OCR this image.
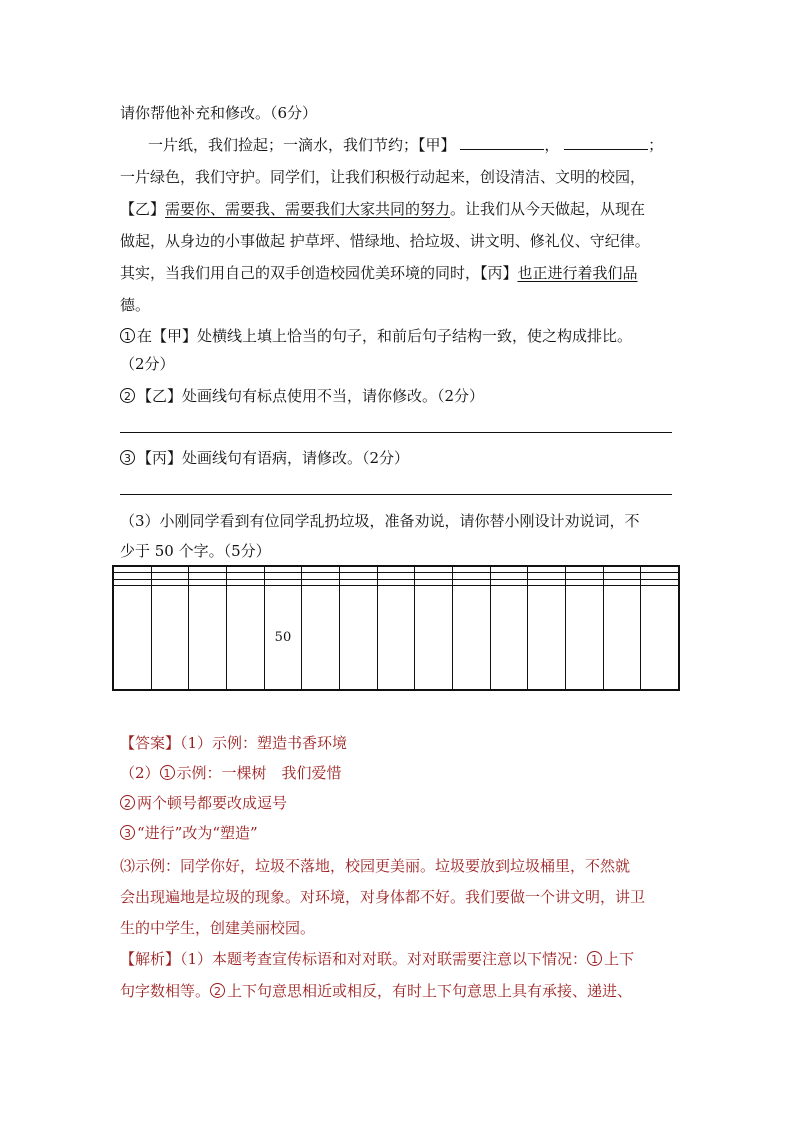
请你帮他补充和修改。（6分）
一片纸，我们捡起；一滴水，我们节约；【甲】	，	；
一片绿色，我们守护。同学们，让我们积极行动起来，创设清洁、文明的校园，
【乙】需要你、需要我、需要我们大家共同的努力。让我们从今天做起，从现在
做起，从身边的小事做起 护草坪、惜绿地、拾垃圾、讲文明、修礼仪、守纪律。
其实，当我们用自己的双手创造校园优美环境的同时，【丙】也正进行着我们品
德。
1 在【甲】处横线上填上恰当的句子，和前后句子结构一致，使之构成排比。
（2分）
2 【乙】处画线句有标点使用不当，请你修改。（2分）
3 【丙】处画线句有语病，请修改。（2分）
（3）小刚同学看到有位同学乱扔垃圾，准备劝说，请你替小刚设计劝说词，不
少于 50 个字。（5分）

				50										
【答案】（1）示例：塑造书香环境
（2） 1 示例：一棵树　我们爱惜
2 两个顿号都要改成逗号
3 “进行”改为“塑造”
⑶示例：同学你好，垃圾不落地，校园更美丽。垃圾要放到垃圾桶里，不然就
会出现遍地是垃圾的现象。对环境，对身体都不好。我们要做一个讲文明，讲卫
生的中学生，创建美丽校园。
【解析】（1）本题考查宣传标语和对对联。对对联需要注意以下情况： 1 上下
句字数相等。 2 上下句意思相近或相反，有时上下句意思上具有承接、递进、
